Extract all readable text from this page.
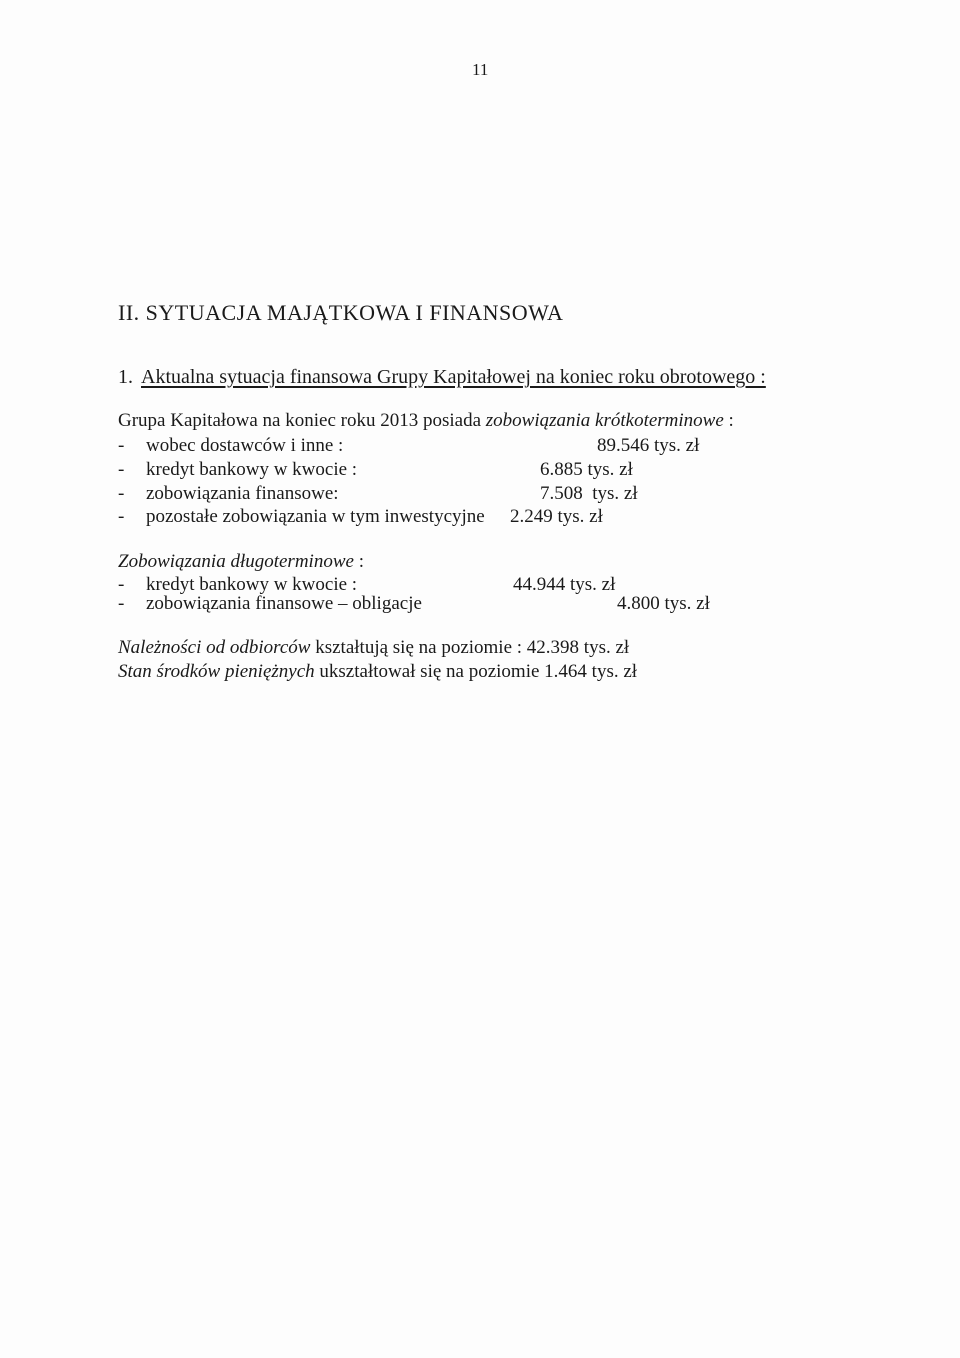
11
II. SYTUACJA MAJĄTKOWA I FINANSOWA
1. Aktualna sytuacja finansowa Grupy Kapitałowej na koniec roku obrotowego :
Grupa Kapitałowa na koniec roku 2013 posiada zobowiązania krótkoterminowe :
- wobec dostawców i inne :	89.546 tys. zł
- kredyt bankowy w kwocie :	6.885 tys. zł
- zobowiązania finansowe:	7.508  tys. zł
- pozostałe zobowiązania w tym inwestycyjne 2.249 tys. zł
Zobowiązania długoterminowe :
- kredyt bankowy w kwocie :	44.944 tys. zł
- zobowiązania finansowe – obligacje	4.800 tys. zł
Należności od odbiorców kształtują się na poziomie : 42.398 tys. zł
Stan środków pieniężnych ukształtował się na poziomie 1.464 tys. zł
